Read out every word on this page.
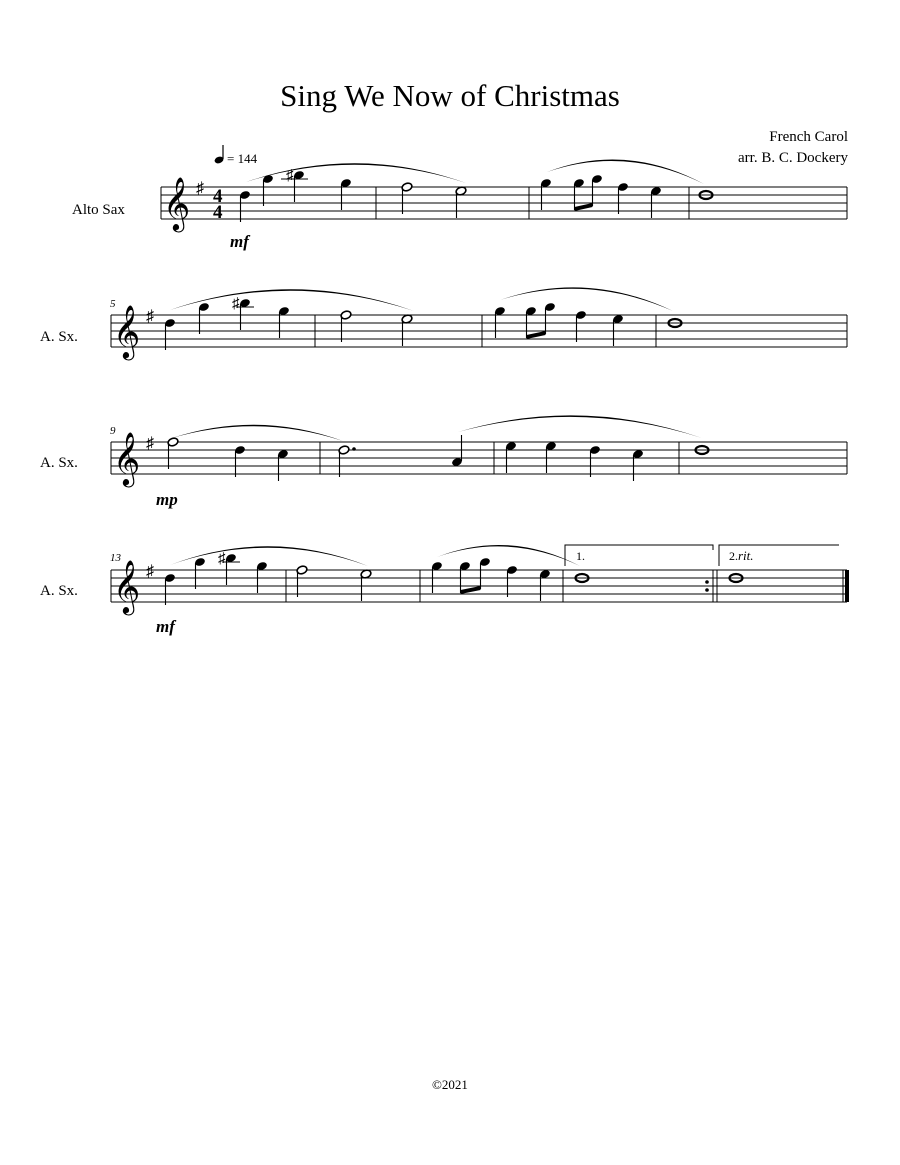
Sing We Now of Christmas
French Carol
arr. B. C. Dockery
= 144
Alto Sax
A. Sx.
A. Sx.
A. Sx.
5
9
13
𝄞
𝄞
𝄞
𝄞
♯
♯
♯
♯
4
4
mf
mp
mf
1.	2. rit.
♯
♯
♯
©2021
